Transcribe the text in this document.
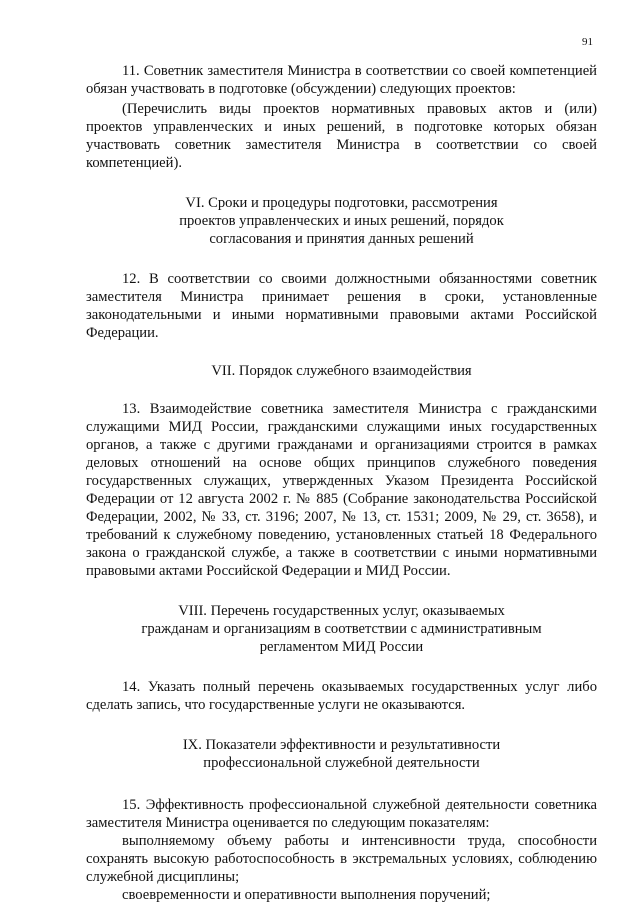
91

11. Советник заместителя Министра в соответствии со своей компетенцией обязан участвовать в подготовке (обсуждении) следующих проектов:

(Перечислить виды проектов нормативных правовых актов и (или) проектов управленческих и иных решений, в подготовке которых обязан участвовать советник заместителя Министра в соответствии со своей компетенцией).

VI. Сроки и процедуры подготовки, рассмотрения
проектов управленческих и иных решений, порядок
согласования и принятия данных решений

12. В соответствии со своими должностными обязанностями советник заместителя Министра принимает решения в сроки, установленные законодательными и иными нормативными правовыми актами Российской Федерации.

VII. Порядок служебного взаимодействия

13. Взаимодействие советника заместителя Министра с гражданскими служащими МИД России, гражданскими служащими иных государственных органов, а также с другими гражданами и организациями строится в рамках деловых отношений на основе общих принципов служебного поведения государственных служащих, утвержденных Указом Президента Российской Федерации от 12 августа 2002 г. № 885 (Собрание законодательства Российской Федерации, 2002, № 33, ст. 3196; 2007, № 13, ст. 1531; 2009, № 29, ст. 3658), и требований к служебному поведению, установленных статьей 18 Федерального закона о гражданской службе, а также в соответствии с иными нормативными правовыми актами Российской Федерации и МИД России.

VIII. Перечень государственных услуг, оказываемых
гражданам и организациям в соответствии с административным
регламентом МИД России

14. Указать полный перечень оказываемых государственных услуг либо сделать запись, что государственные услуги не оказываются.

IX. Показатели эффективности и результативности
профессиональной служебной деятельности

15. Эффективность профессиональной служебной деятельности советника заместителя Министра оценивается по следующим показателям:

выполняемому объему работы и интенсивности труда, способности сохранять высокую работоспособность в экстремальных условиях, соблюдению служебной дисциплины;

своевременности и оперативности выполнения поручений;
